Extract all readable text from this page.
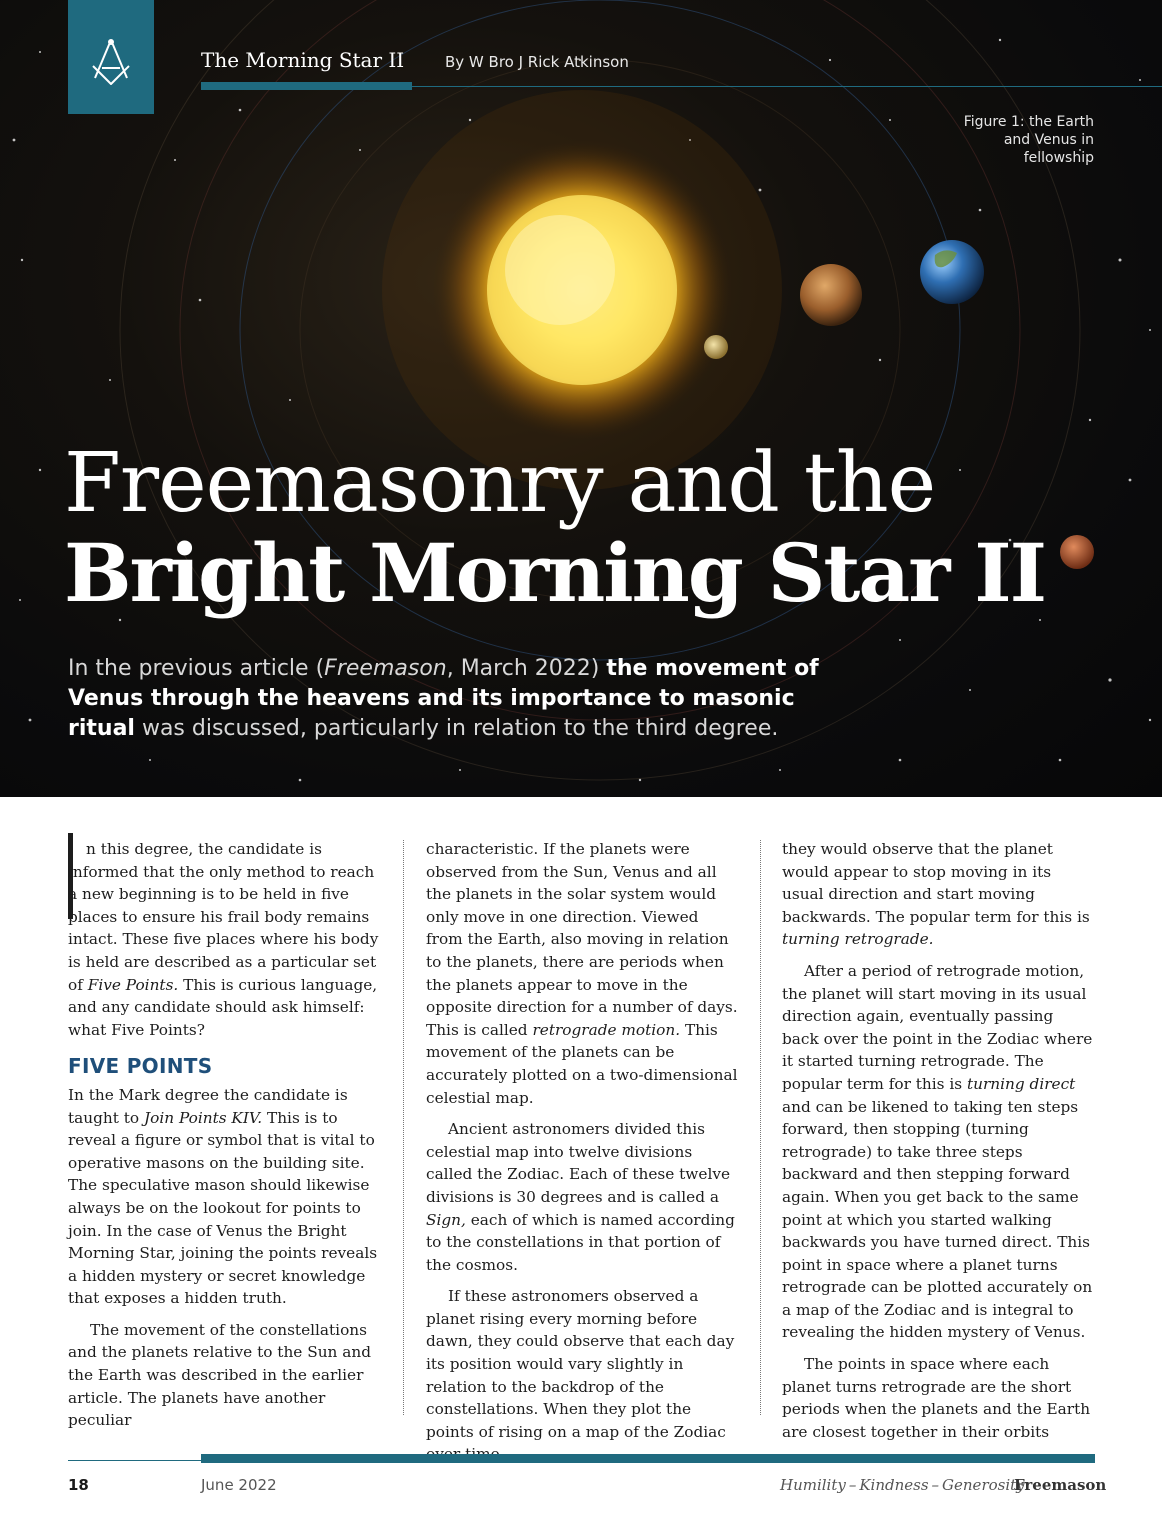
The Morning Star II	By W Bro J Rick Atkinson
Figure 1: the Earth and Venus in fellowship
Freemasonry and the
Bright Morning Star II
In the previous article (Freemason, March 2022) the movement of Venus through the heavens and its importance to masonic ritual was discussed, particularly in relation to the third degree.

n this degree, the candidate is informed that the only method to reach a new beginning is to be held in five places to ensure his frail body remains intact. These five places where his body is held are described as a particular set of Five Points. This is curious language, and any candidate should ask himself: what Five Points?

FIVE POINTS

In the Mark degree the candidate is taught to Join Points KIV. This is to reveal a figure or symbol that is vital to operative masons on the building site. The speculative mason should likewise always be on the lookout for points to join. In the case of Venus the Bright Morning Star, joining the points reveals a hidden mystery or secret knowledge that exposes a hidden truth.

The movement of the constellations and the planets relative to the Sun and the Earth was described in the earlier article. The planets have another peculiar

characteristic. If the planets were observed from the Sun, Venus and all the planets in the solar system would only move in one direction. Viewed from the Earth, also moving in relation to the planets, there are periods when the planets appear to move in the opposite direction for a number of days. This is called retrograde motion. This movement of the planets can be accurately plotted on a two-dimensional celestial map.

Ancient astronomers divided this celestial map into twelve divisions called the Zodiac. Each of these twelve divisions is 30 degrees and is called a Sign, each of which is named according to the constellations in that portion of the cosmos.

If these astronomers observed a planet rising every morning before dawn, they could observe that each day its position would vary slightly in relation to the backdrop of the constellations. When they plot the points of rising on a map of the Zodiac

they would observe that the planet would appear to stop moving in its usual direction and start moving backwards. The popular term for this is turning retrograde.

After a period of retrograde motion, the planet will start moving in its usual direction again, eventually passing back over the point in the Zodiac where it started turning retrograde. The popular term for this is turning direct and can be likened to taking ten steps forward, then stopping (turning retrograde) to take three steps backward and then stepping forward again. When you get back to the same point at which you started walking backwards you have turned direct. This point in space where a planet turns retrograde can be plotted accurately on a map of the Zodiac and is integral to revealing the hidden mystery of Venus.

The points in space where each planet turns retrograde are the short periods when the planets and the Earth are closest together in their orbits

18	June 2022	Humility – Kindness – Generosity
Freemason
